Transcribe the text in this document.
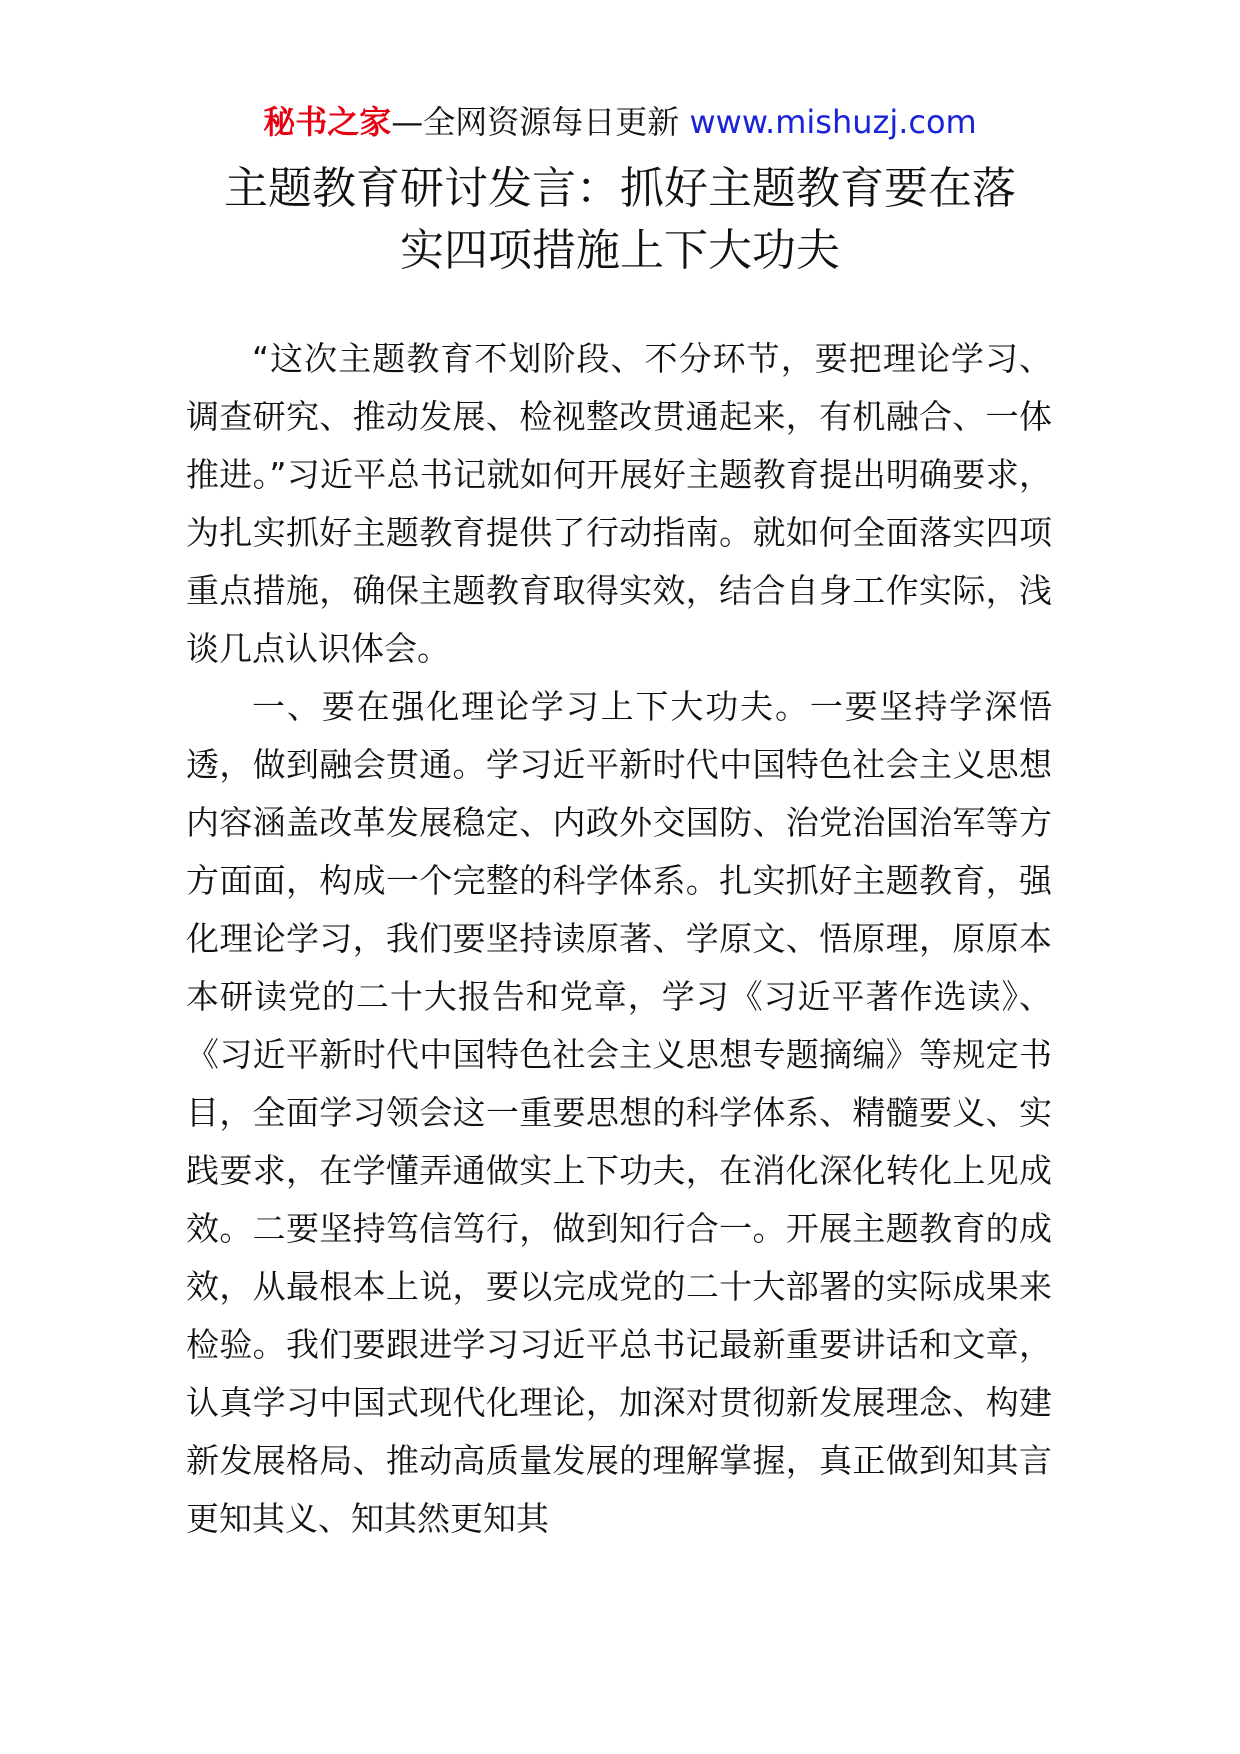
秘书之家—全网资源每日更新 www.mishuzj.com
主题教育研讨发言：抓好主题教育要在落
实四项措施上下大功夫

“这次主题教育不划阶段、不分环节，要把理论学习、调查研究、推动发展、检视整改贯通起来，有机融合、一体推进。”习近平总书记就如何开展好主题教育提出明确要求，为扎实抓好主题教育提供了行动指南。就如何全面落实四项重点措施，确保主题教育取得实效，结合自身工作实际，浅谈几点认识体会。

一、要在强化理论学习上下大功夫。一要坚持学深悟透，做到融会贯通。学习近平新时代中国特色社会主义思想内容涵盖改革发展稳定、内政外交国防、治党治国治军等方方面面，构成一个完整的科学体系。扎实抓好主题教育，强化理论学习，我们要坚持读原著、学原文、悟原理，原原本本研读党的二十大报告和党章，学习《习近平著作选读》、《习近平新时代中国特色社会主义思想专题摘编》等规定书目，全面学习领会这一重要思想的科学体系、精髓要义、实践要求，在学懂弄通做实上下功夫，在消化深化转化上见成效。二要坚持笃信笃行，做到知行合一。开展主题教育的成效，从最根本上说，要以完成党的二十大部署的实际成果来检验。我们要跟进学习习近平总书记最新重要讲话和文章，认真学习中国式现代化理论，加深对贯彻新发展理念、构建新发展格局、推动高质量发展的理解掌握，真正做到知其言更知其义、知其然更知其
